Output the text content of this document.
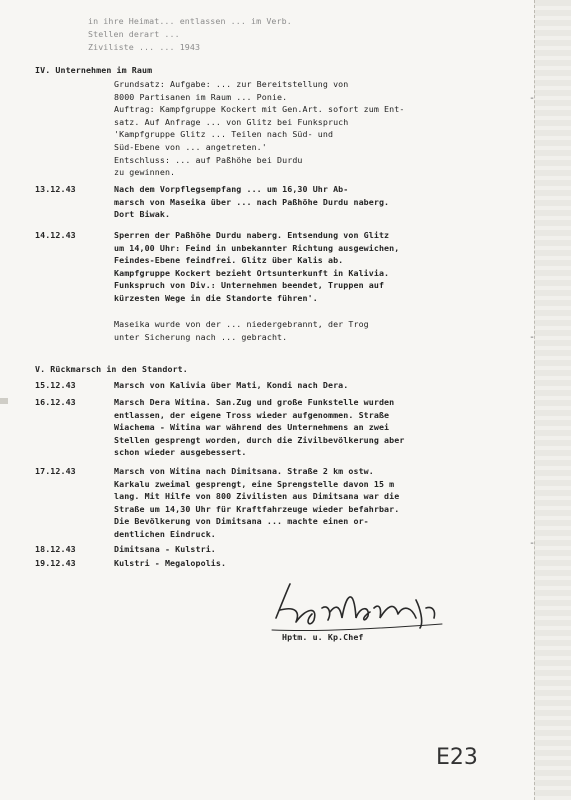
-
-
-
in ihre Heimat... entlassen ... im Verb.
Stellen derart ...
Ziviliste ... ... 1943
IV. Unternehmen im Raum
Grundsatz: Aufgabe: ... zur Bereitstellung von
8000 Partisanen im Raum ... Ponie.
Auftrag: Kampfgruppe Kockert mit Gen.Art. sofort zum Ent-
satz. Auf Anfrage ... von Glitz bei Funkspruch
'Kampfgruppe Glitz ... Teilen nach Süd- und
Süd-Ebene von ... angetreten.'
Entschluss: ... auf Paßhöhe bei Durdu
zu gewinnen.
13.12.43	Nach dem Vorpflegsempfang ... um 16,30 Uhr Ab-
marsch von Maseika über ... nach Paßhöhe Durdu naberg.
Dort Biwak.
14.12.43	Sperren der Paßhöhe Durdu naberg. Entsendung von Glitz
um 14,00 Uhr: Feind in unbekannter Richtung ausgewichen,
Feindes-Ebene feindfrei. Glitz über Kalis ab.
Kampfgruppe Kockert bezieht Ortsunterkunft in Kalivia.
Funkspruch von Div.: Unternehmen beendet, Truppen auf
kürzesten Wege in die Standorte führen'.
Maseika wurde von der ... niedergebrannt, der Trog
unter Sicherung nach ... gebracht.
V. Rückmarsch in den Standort.
15.12.43	Marsch von Kalivia über Mati, Kondi nach Dera.
16.12.43	Marsch Dera Witina. San.Zug und große Funkstelle wurden
entlassen, der eigene Tross wieder aufgenommen. Straße
Wiachema - Witina war während des Unternehmens an zwei
Stellen gesprengt worden, durch die Zivilbevölkerung aber
schon wieder ausgebessert.
17.12.43	Marsch von Witina nach Dimitsana. Straße 2 km ostw.
Karkalu zweimal gesprengt, eine Sprengstelle davon 15 m
lang. Mit Hilfe von 800 Zivilisten aus Dimitsana war die
Straße um 14,30 Uhr für Kraftfahrzeuge wieder befahrbar.
Die Bevölkerung von Dimitsana ... machte einen or-
dentlichen Eindruck.
18.12.43	Dimitsana - Kulstri.
19.12.43	Kulstri - Megalopolis.
Hptm. u. Kp.Chef
E23
